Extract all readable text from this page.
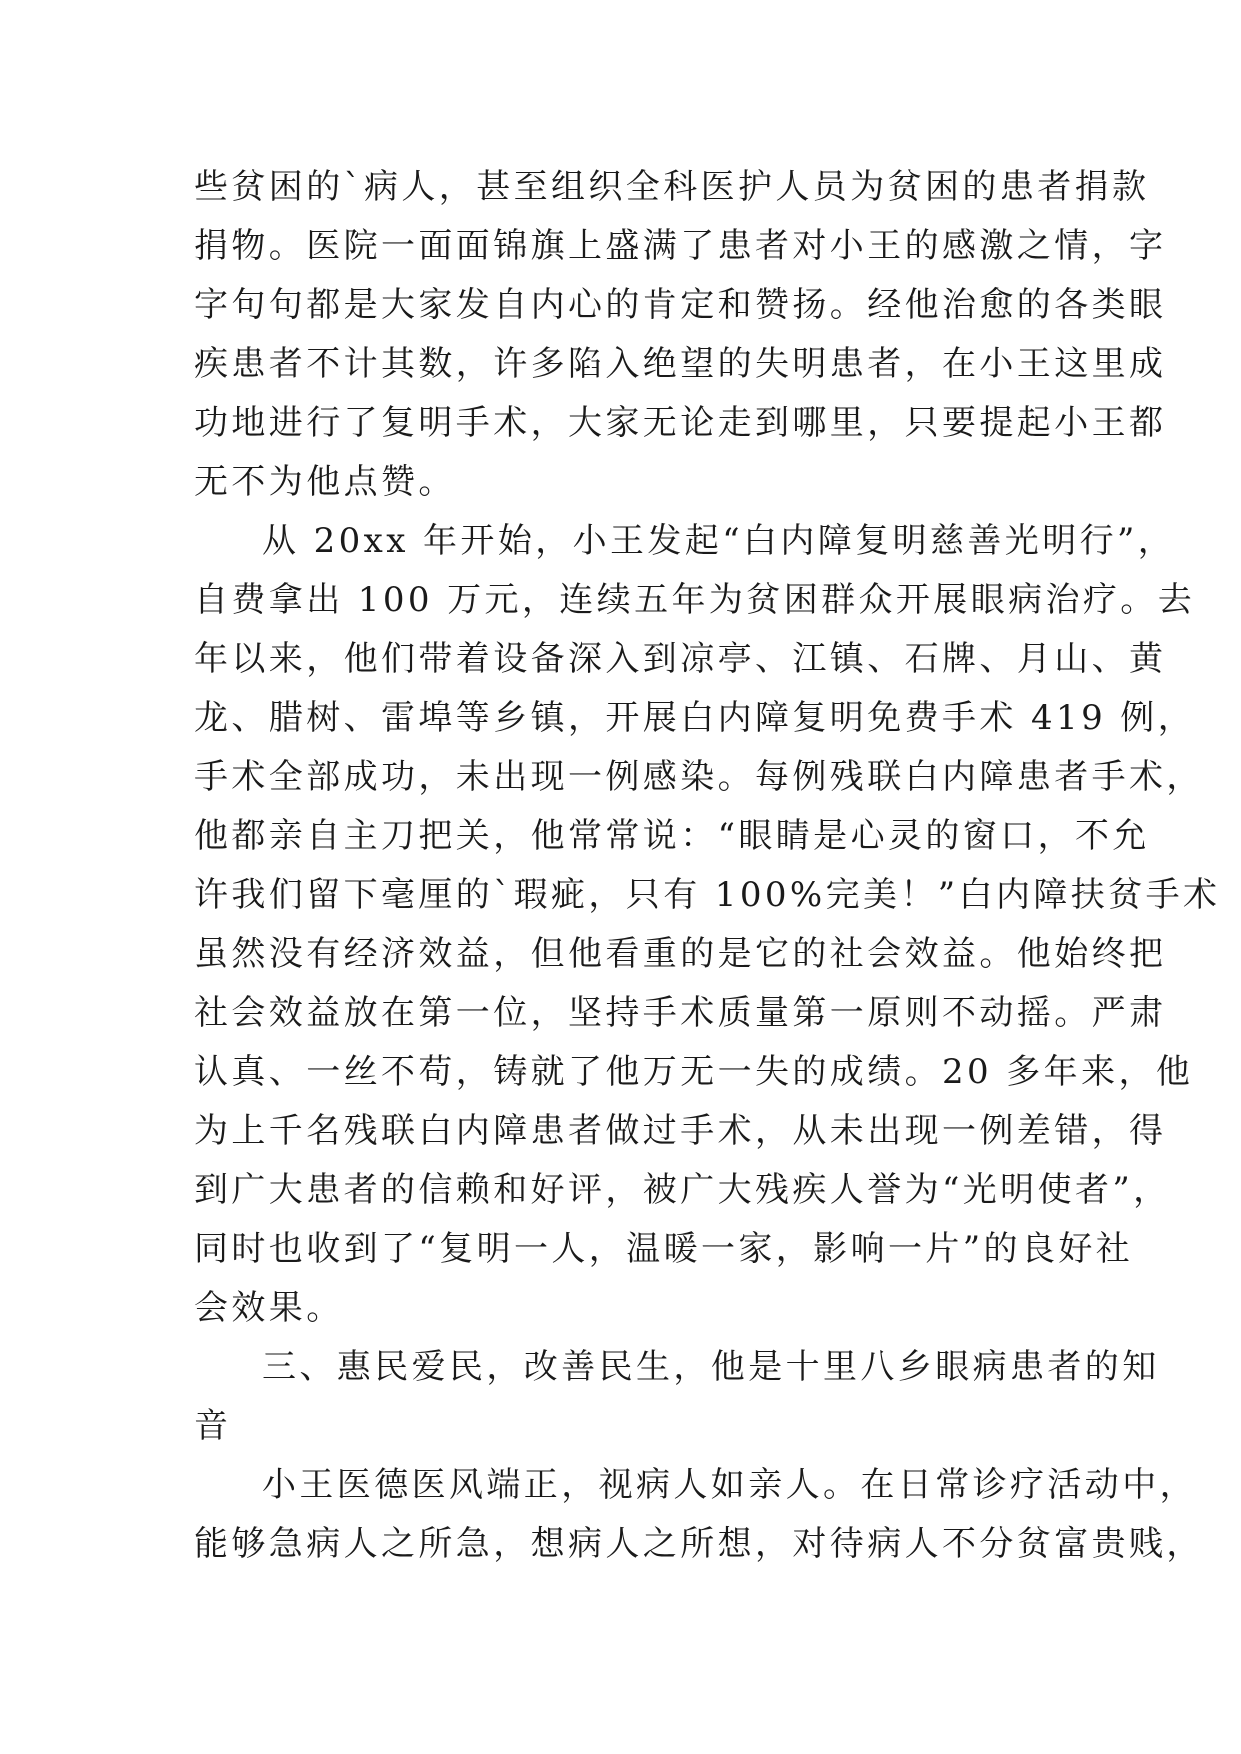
些贫困的`病人，甚至组织全科医护人员为贫困的患者捐款
捐物。医院一面面锦旗上盛满了患者对小王的感激之情，字
字句句都是大家发自内心的肯定和赞扬。经他治愈的各类眼
疾患者不计其数，许多陷入绝望的失明患者，在小王这里成
功地进行了复明手术，大家无论走到哪里，只要提起小王都
无不为他点赞。
从 20xx 年开始，小王发起“白内障复明慈善光明行”，
自费拿出 100 万元，连续五年为贫困群众开展眼病治疗。去
年以来，他们带着设备深入到凉亭、江镇、石牌、月山、黄
龙、腊树、雷埠等乡镇，开展白内障复明免费手术 419 例，
手术全部成功，未出现一例感染。每例残联白内障患者手术，
他都亲自主刀把关，他常常说：“眼睛是心灵的窗口，不允
许我们留下毫厘的`瑕疵，只有 100%完美！”白内障扶贫手术
虽然没有经济效益，但他看重的是它的社会效益。他始终把
社会效益放在第一位，坚持手术质量第一原则不动摇。严肃
认真、一丝不苟，铸就了他万无一失的成绩。20 多年来，他
为上千名残联白内障患者做过手术，从未出现一例差错，得
到广大患者的信赖和好评，被广大残疾人誉为“光明使者”，
同时也收到了“复明一人，温暖一家，影响一片”的良好社
会效果。
三、惠民爱民，改善民生，他是十里八乡眼病患者的知
音
小王医德医风端正，视病人如亲人。在日常诊疗活动中，
能够急病人之所急，想病人之所想，对待病人不分贫富贵贱，
